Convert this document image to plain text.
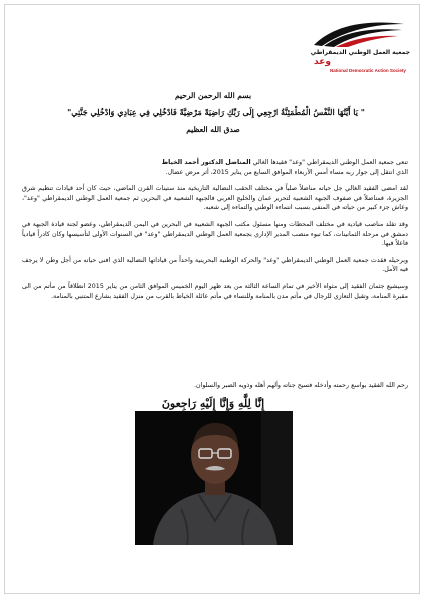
جمعية العمل الوطني الديمقراطي
وعد
National Democratic Action Society
بسم الله الرحمن الرحيم
" يَا أَيَّتُهَا النَّفْسُ الْمُطْمَئِنَّةُ ارْجِعِي إِلَى رَبِّكِ رَاضِيَةً مَرْضِيَّةً فَادْخُلِي فِي عِبَادِي وَادْخُلِي جَنَّتِي"
صدق الله العظيم

تنعى جمعية العمل الوطني الديمقراطي "وعد" فقيدها الغالي المناضل الدكتور أحمد الخياط
الذي انتقل إلى جوار ربه مساء أمس الأربعاء الموافق السابع من يناير 2015، أثر مرض عضال.

لقد امضى الفقيد الغالي جل حياته مناضلاً صلباً في مختلف الحقب النضالية التاريخية منذ ستينات القرن الماضي، حيث كان أحد قيادات تنظيم شرق الجزيرة، فمناضلاً في صفوف الجبهة الشعبية لتحرير عمان والخليج العربي فالجبهة الشعبية في البحرين ثم جمعية العمل الوطني الديمقراطي "وعد"، وعاش جزء كبير من حياته في المنفى بسبب انتماءه الوطني والتماءه إلى شعبه.

وقد تقلد مناصب قيادية في مختلف المحطات ومنها مسئول مكتب الجبهة الشعبية في البحرين في اليمن الديمقراطي، وعضو لجنة قيادة الجبهة في دمشق في مرحلة الثمانينات، كما تبوء منصب المدير الإداري بجمعية العمل الوطني الديمقراطي "وعد" في السنوات الأولى لتأسيسها وكان كادراً قيادياً فاعلاً فيها.

وبرحيله فقدت جمعية العمل الوطني الديمقراطي "وعد" والحركة الوطنية البحرينية واحداً من قياداتها النضالية الذي افنى حياته من أجل وطن لا يرجف فيه الأمل.

وسيشيع جثمان الفقيد إلى مثواه الأخير في تمام الساعة الثالثة من بعد ظهر اليوم الخميس الموافق الثامن من يناير 2015 انطلاقاً من مأتم من الى مقبرة المنامة، وتقبل التعازي للرجال في مأتم مدن بالمنامة وللنساء في مأتم عائلة الخياط بالقرب من منزل الفقيد بشارع المتنبي بالمنامة.

رحم الله الفقيد بواسع رحمته وأدخله فسيح جناته وألهم أهله وذويه الصبر والسلوان.
إِنَّا لِلَّهِ وَإِنَّا إِلَيْهِ رَاجِعونَ
